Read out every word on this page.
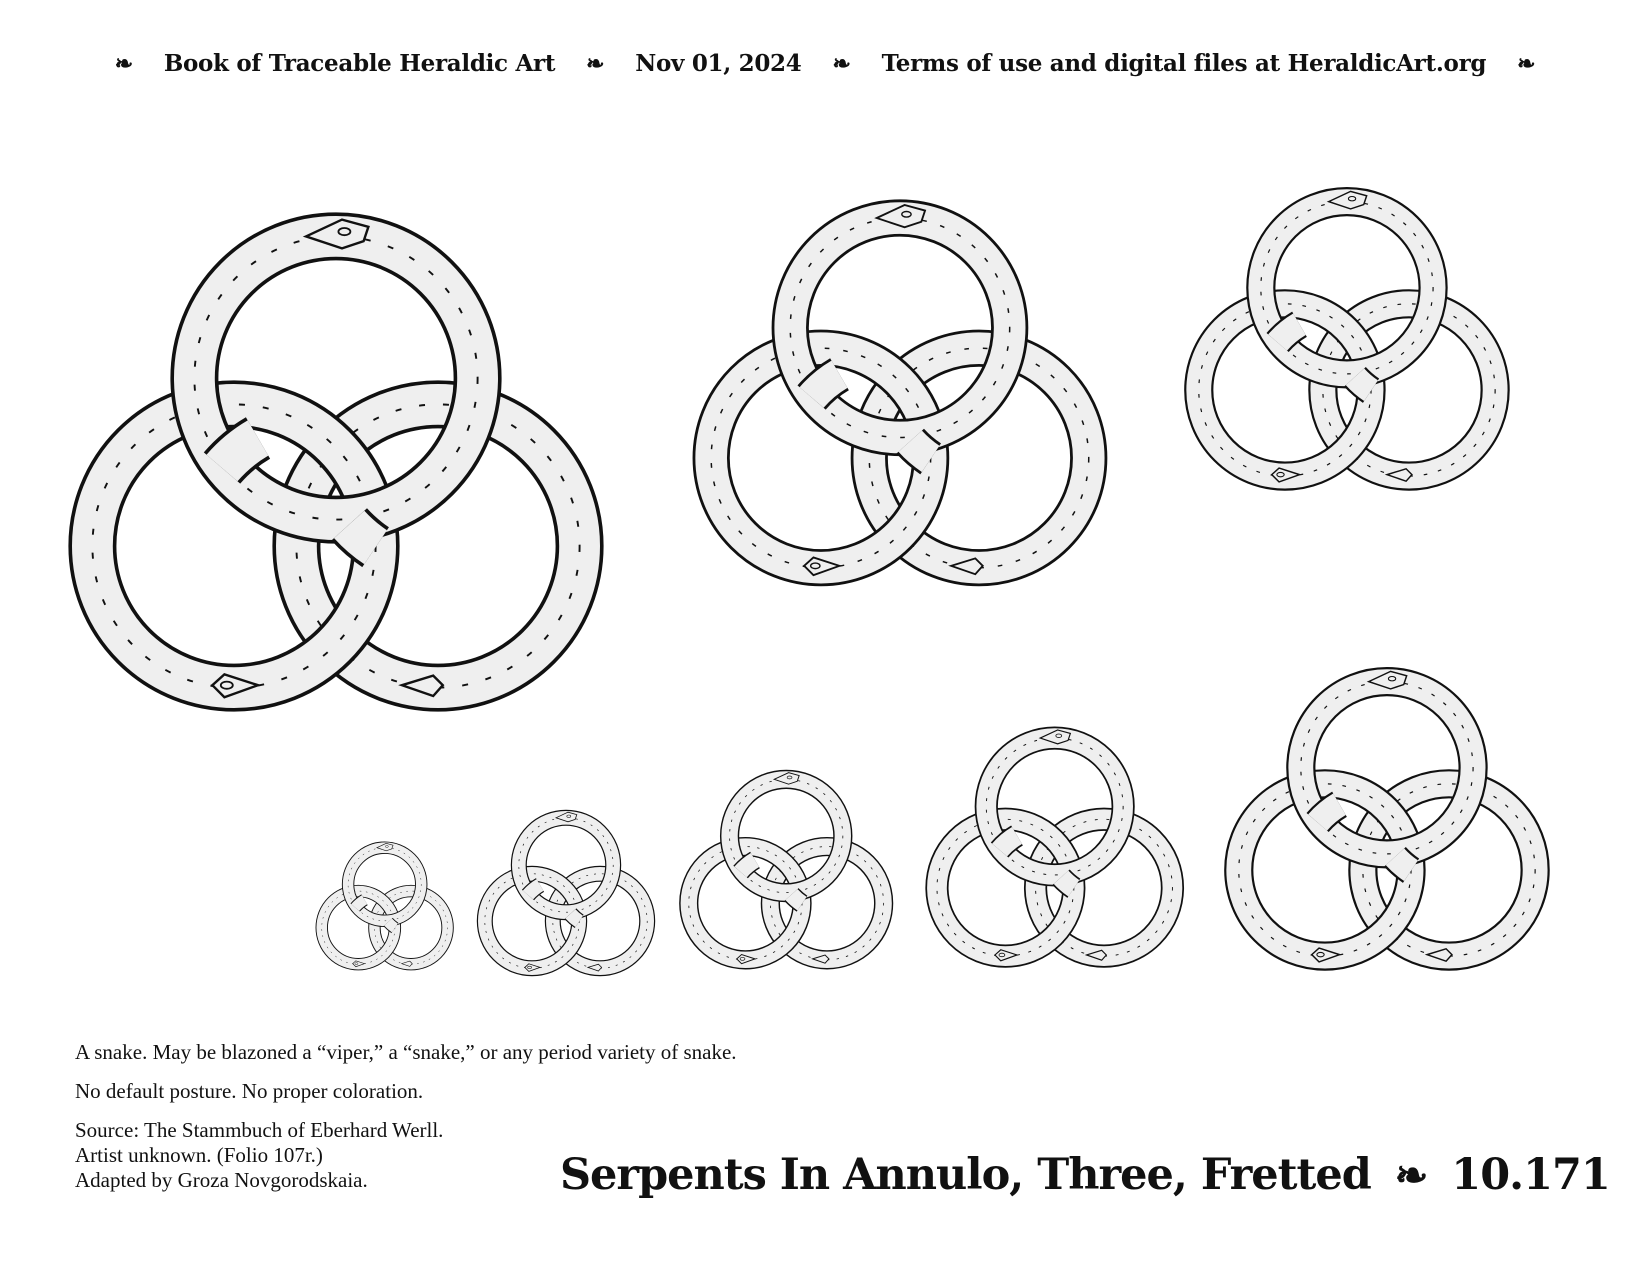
❧ Book of Traceable Heraldic Art ❧ Nov 01, 2024 ❧ Terms of use and digital files at HeraldicArt.org ❧

A snake. May be blazoned a “viper,” a “snake,” or any period variety of snake.

No default posture. No proper coloration.

Source: The Stammbuch of Eberhard Werll.

Artist unknown. (Folio 107r.)

Adapted by Groza Novgorodskaia.	Serpents In Annulo, Three, Fretted ❧ 10.171
